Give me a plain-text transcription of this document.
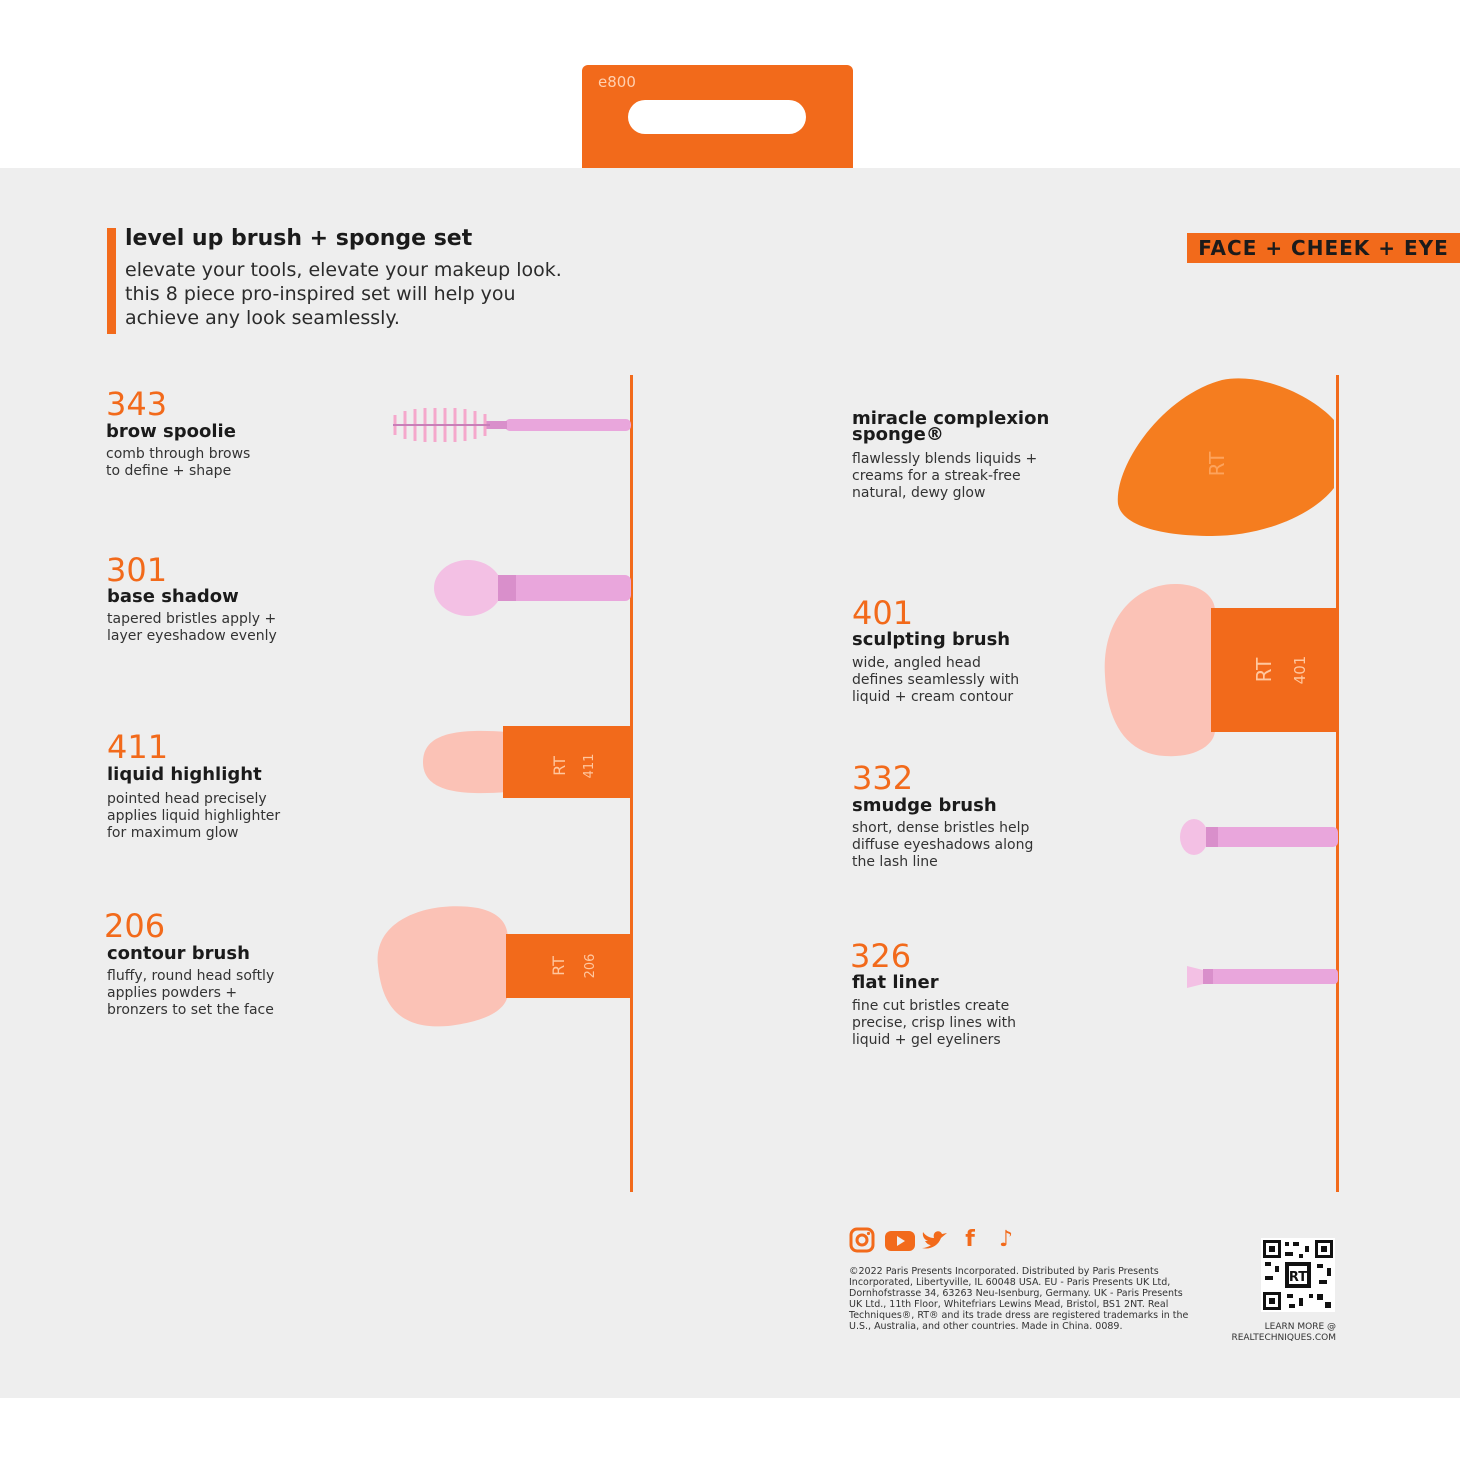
e800
level up brush + sponge set
elevate your tools, elevate your makeup look.
this 8 piece pro-inspired set will help you
achieve any look seamlessly.
FACE + CHEEK + EYE
343
brow spoolie
comb through brows
to define + shape
301
base shadow
tapered bristles apply +
layer eyeshadow evenly
411
liquid highlight
pointed head precisely
applies liquid highlighter
for maximum glow
206
contour brush
fluffy, round head softly
applies powders +
bronzers to set the face
RT 411
RT 206
miracle complexion
sponge®
flawlessly blends liquids +
creams for a streak-free
natural, dewy glow
401
sculpting brush
wide, angled head
defines seamlessly with
liquid + cream contour
332
smudge brush
short, dense bristles help
diffuse eyeshadows along
the lash line
326
flat liner
fine cut bristles create
precise, crisp lines with
liquid + gel eyeliners
RT
RT 401
f	♪
©2022 Paris Presents Incorporated. Distributed by Paris Presents Incorporated, Libertyville, IL 60048 USA. EU - Paris Presents UK Ltd, Dornhofstrasse 34, 63263 Neu-Isenburg, Germany. UK - Paris Presents UK Ltd., 11th Floor, Whitefriars Lewins Mead, Bristol, BS1 2NT. Real Techniques®, RT® and its trade dress are registered trademarks in the U.S., Australia, and other countries. Made in China. 0089.
RT
LEARN MORE @
REALTECHNIQUES.COM
